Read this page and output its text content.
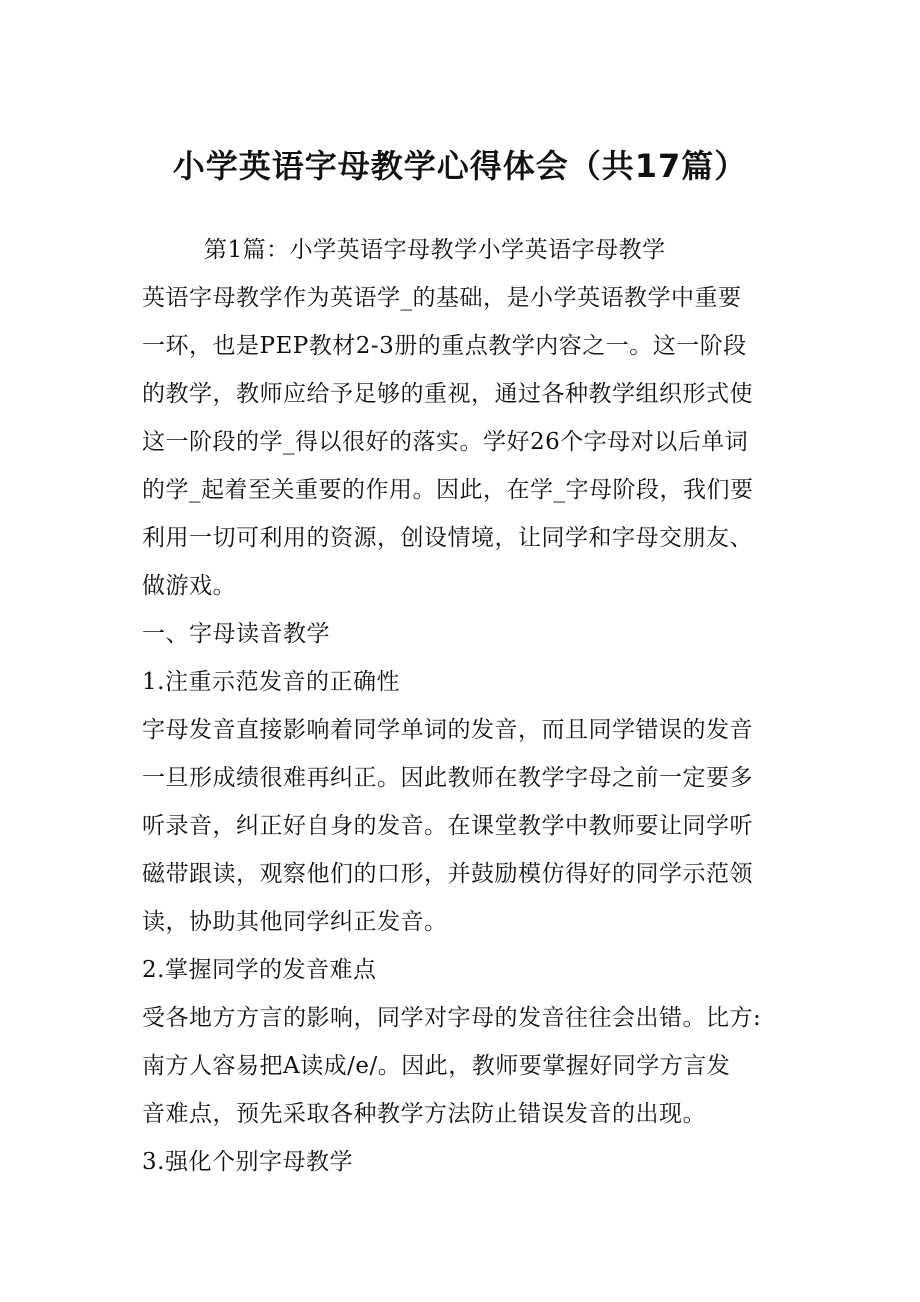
小学英语字母教学心得体会（共17篇）
第1篇：小学英语字母教学小学英语字母教学
英语字母教学作为英语学_的基础，是小学英语教学中重要
一环，也是PEP教材2-3册的重点教学内容之一。这一阶段
的教学，教师应给予足够的重视，通过各种教学组织形式使
这一阶段的学_得以很好的落实。学好26个字母对以后单词
的学_起着至关重要的作用。因此，在学_字母阶段，我们要
利用一切可利用的资源，创设情境，让同学和字母交朋友、
做游戏。
一、字母读音教学
1.注重示范发音的正确性
字母发音直接影响着同学单词的发音，而且同学错误的发音
一旦形成绩很难再纠正。因此教师在教学字母之前一定要多
听录音，纠正好自身的发音。在课堂教学中教师要让同学听
磁带跟读，观察他们的口形，并鼓励模仿得好的同学示范领
读，协助其他同学纠正发音。
2.掌握同学的发音难点
受各地方方言的影响，同学对字母的发音往往会出错。比方:
南方人容易把A读成/e/。因此，教师要掌握好同学方言发
音难点，预先采取各种教学方法防止错误发音的出现。
3.强化个别字母教学
